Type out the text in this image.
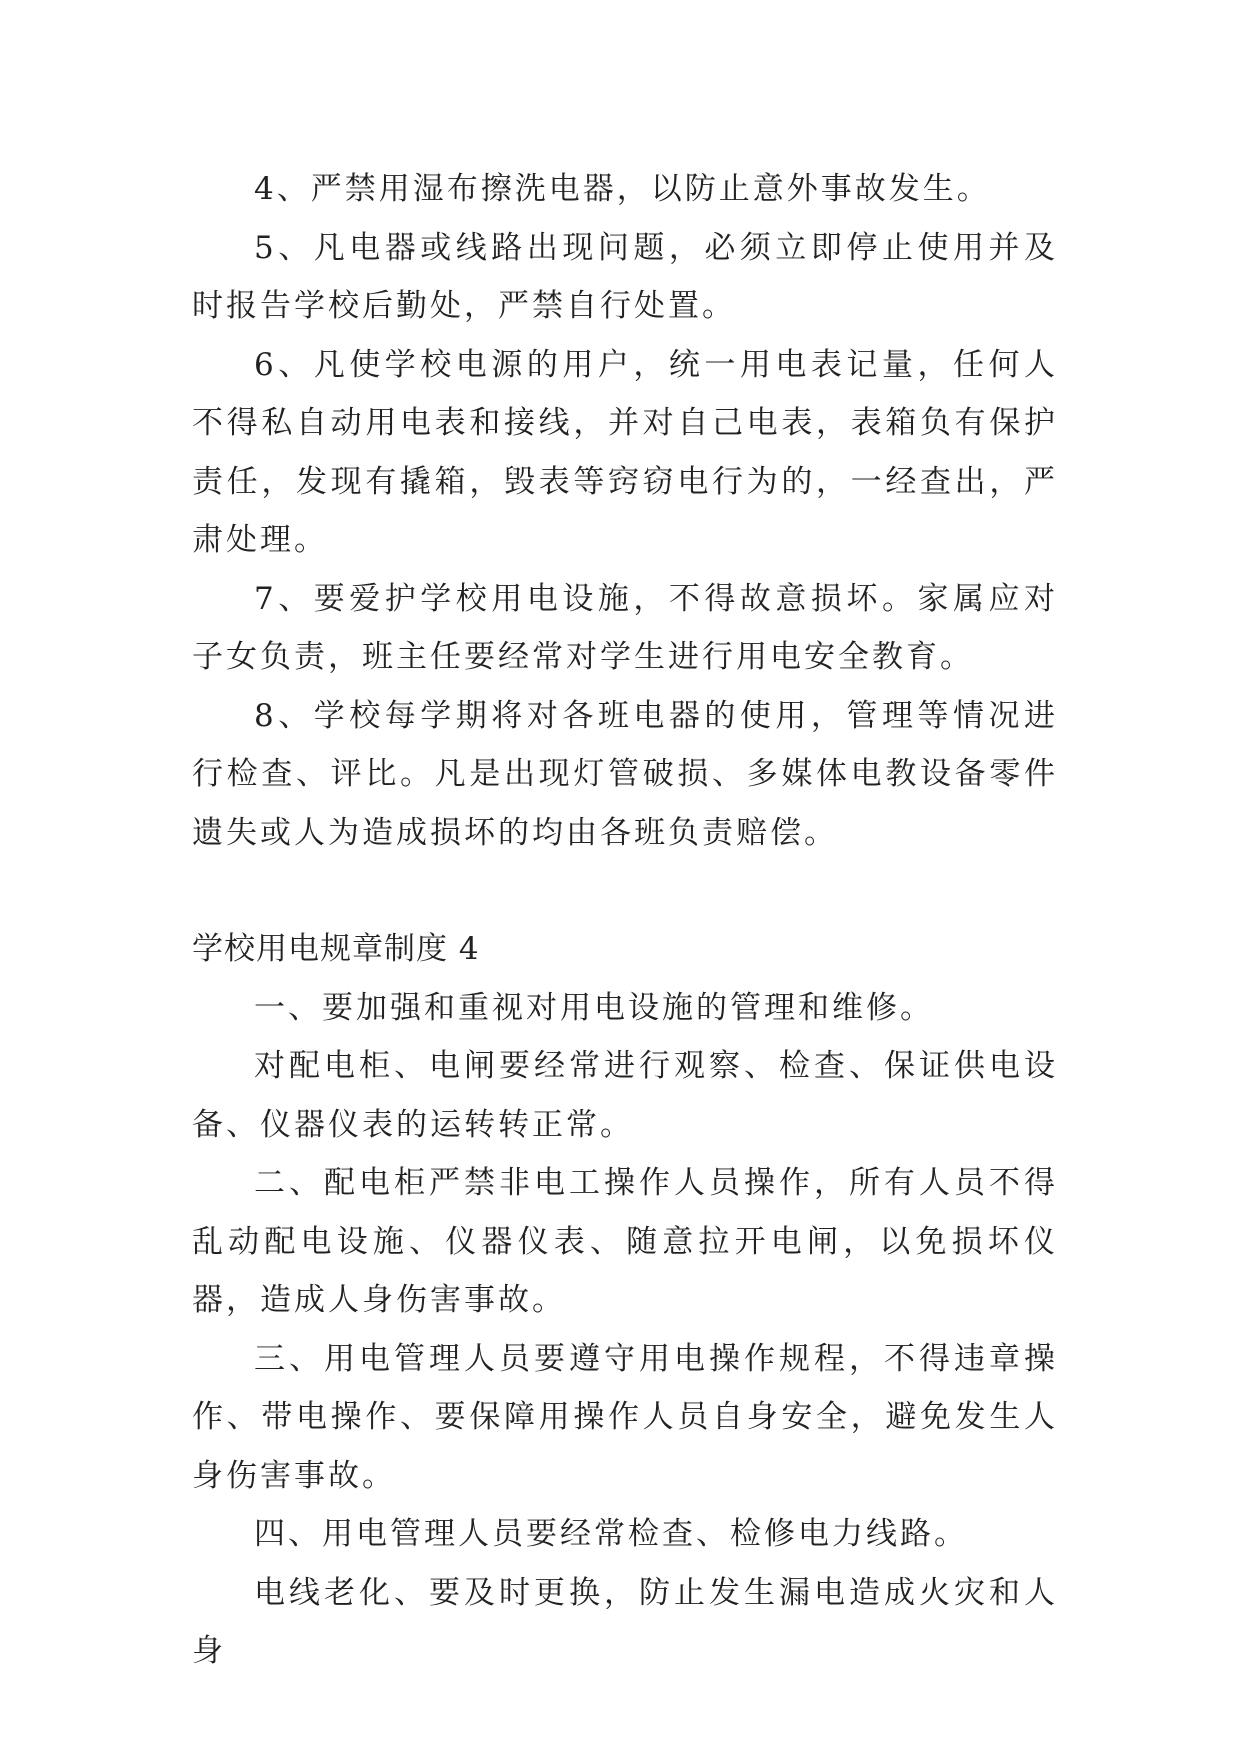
4、严禁用湿布擦洗电器，以防止意外事故发生。

5、凡电器或线路出现问题，必须立即停止使用并及时报告学校后勤处，严禁自行处置。

6、凡使学校电源的用户，统一用电表记量，任何人不得私自动用电表和接线，并对自己电表，表箱负有保护责任，发现有撬箱，毁表等窍窃电行为的，一经查出，严肃处理。

7、要爱护学校用电设施，不得故意损坏。家属应对子女负责，班主任要经常对学生进行用电安全教育。

8、学校每学期将对各班电器的使用，管理等情况进行检查、评比。凡是出现灯管破损、多媒体电教设备零件遗失或人为造成损坏的均由各班负责赔偿。

学校用电规章制度 4

一、要加强和重视对用电设施的管理和维修。

对配电柜、电闸要经常进行观察、检查、保证供电设备、仪器仪表的运转转正常。

二、配电柜严禁非电工操作人员操作，所有人员不得乱动配电设施、仪器仪表、随意拉开电闸，以免损坏仪器，造成人身伤害事故。

三、用电管理人员要遵守用电操作规程，不得违章操作、带电操作、要保障用操作人员自身安全，避免发生人身伤害事故。

四、用电管理人员要经常检查、检修电力线路。

电线老化、要及时更换，防止发生漏电造成火灾和人身
